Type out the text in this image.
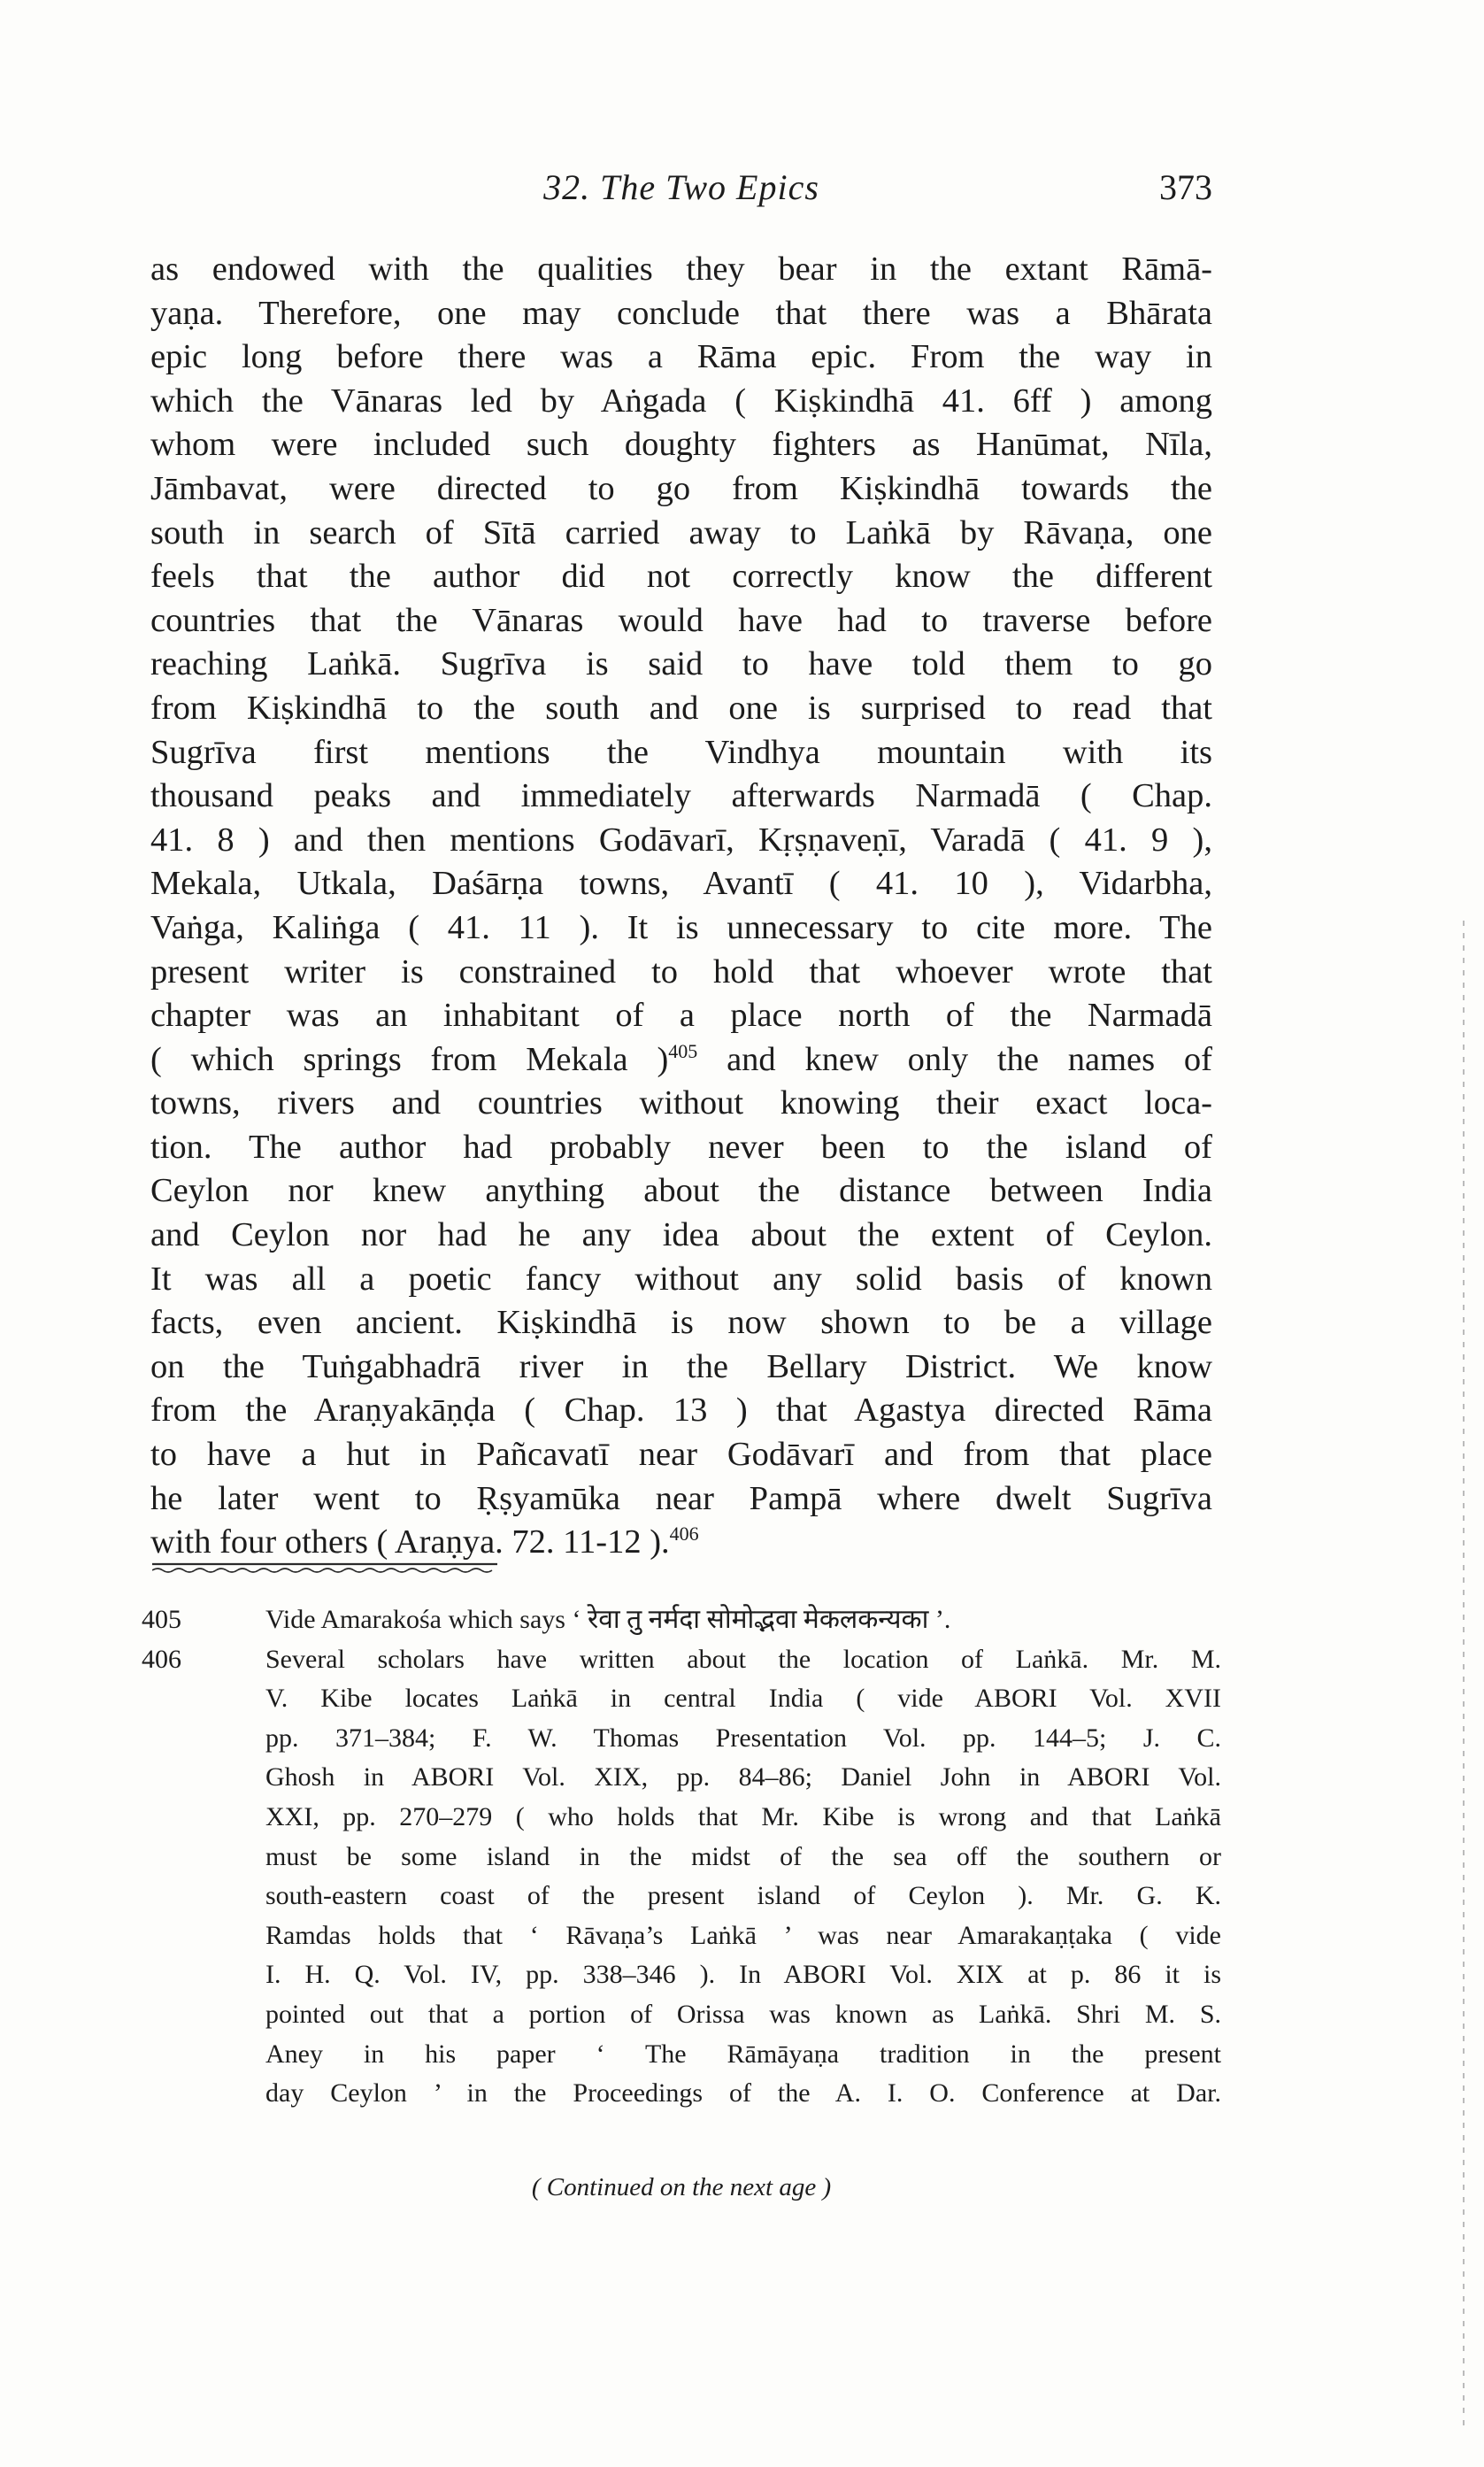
32. The Two Epics	373
as endowed with the qualities they bear in the extant Rāmā-
yaṇa. Therefore, one may conclude that there was a Bhārata
epic long before there was a Rāma epic. From the way in
which the Vānaras led by Aṅgada ( Kiṣkindhā 41. 6ff ) among
whom were included such doughty fighters as Hanūmat, Nīla,
Jāmbavat, were directed to go from Kiṣkindhā towards the
south in search of Sītā carried away to Laṅkā by Rāvaṇa, one
feels that the author did not correctly know the different
countries that the Vānaras would have had to traverse before
reaching Laṅkā. Sugrīva is said to have told them to go
from Kiṣkindhā to the south and one is surprised to read that
Sugrīva first mentions the Vindhya mountain with its
thousand peaks and immediately afterwards Narmadā ( Chap.
41. 8 ) and then mentions Godāvarī, Kṛṣṇaveṇī, Varadā ( 41. 9 ),
Mekala, Utkala, Daśārṇa towns, Avantī ( 41. 10 ), Vidarbha,
Vaṅga, Kaliṅga ( 41. 11 ). It is unnecessary to cite more. The
present writer is constrained to hold that whoever wrote that
chapter was an inhabitant of a place north of the Narmadā
( which springs from Mekala )$^{405}$ and knew only the names of
towns, rivers and countries without knowing their exact loca-
tion. The author had probably never been to the island of
Ceylon nor knew anything about the distance between India
and Ceylon nor had he any idea about the extent of Ceylon.
It was all a poetic fancy without any solid basis of known
facts, even ancient. Kiṣkindhā is now shown to be a village
on the Tuṅgabhadrā river in the Bellary District. We know
from the Araṇyakāṇḍa ( Chap. 13 ) that Agastya directed Rāma
to have a hut in Pañcavatī near Godāvarī and from that place
he later went to Ṛṣyamūka near Pampā where dwelt Sugrīva
with four others ( Araṇya. 72. 11-12 ).$^{406}$
405	Vide Amarakośa which says ‘ रेवा तु नर्मदा सोमोद्भवा मेकलकन्यका ’.
406	Several scholars have written about the location of Laṅkā. Mr. M.
V. Kibe locates Laṅkā in central India ( vide ABORI Vol. XVII
pp. 371–384; F. W. Thomas Presentation Vol. pp. 144–5; J. C.
Ghosh in ABORI Vol. XIX, pp. 84–86; Daniel John in ABORI Vol.
XXI, pp. 270–279 ( who holds that Mr. Kibe is wrong and that Laṅkā
must be some island in the midst of the sea off the southern or
south-eastern coast of the present island of Ceylon ). Mr. G. K.
Ramdas holds that ‘ Rāvaṇa’s Laṅkā ’ was near Amarakaṇṭaka ( vide
I. H. Q. Vol. IV, pp. 338–346 ). In ABORI Vol. XIX at p. 86 it is
pointed out that a portion of Orissa was known as Laṅkā. Shri M. S.
Aney in his paper ‘ The Rāmāyaṇa tradition in the present
day Ceylon ’ in the Proceedings of the A. I. O. Conference at Dar.
( Continued on the next age )
